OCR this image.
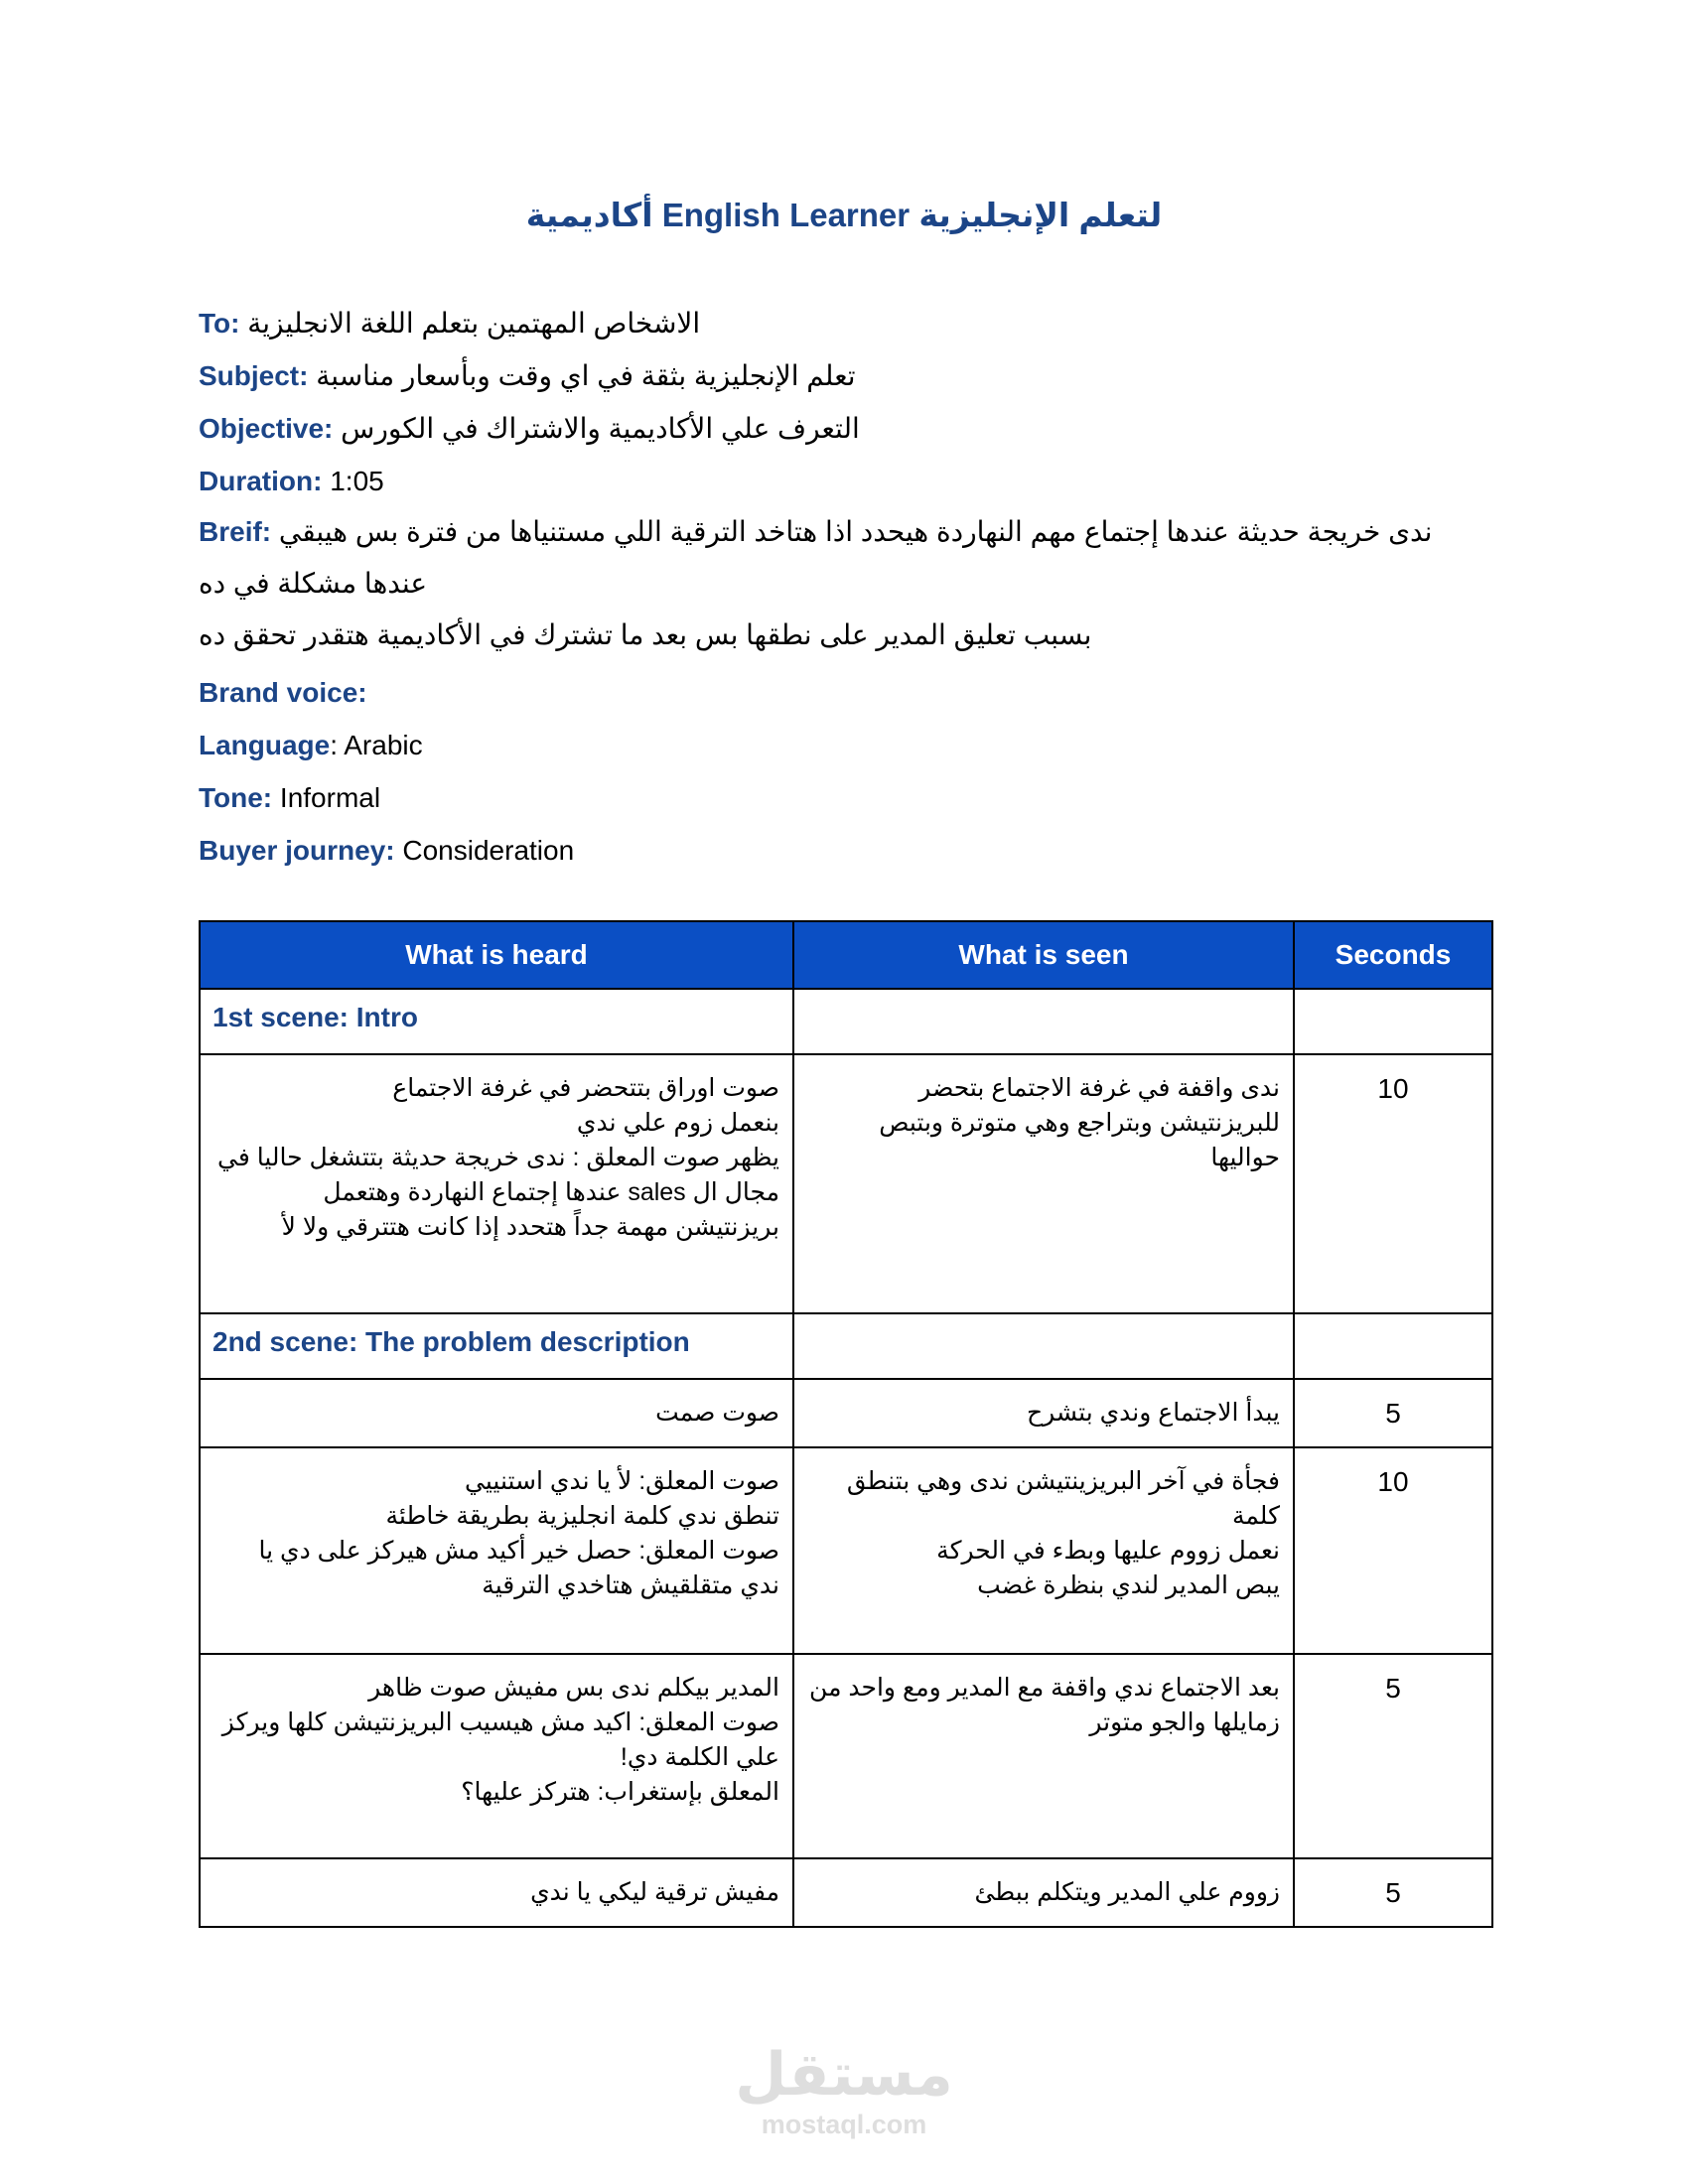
أكاديمية English Learner لتعلم الإنجليزية
To: الاشخاص المهتمين بتعلم اللغة الانجليزية
Subject: تعلم الإنجليزية بثقة في اي وقت وبأسعار مناسبة
Objective: التعرف علي الأكاديمية والاشتراك في الكورس
Duration: 1:05
Breif: ندى خريجة حديثة عندها إجتماع مهم النهاردة هيحدد اذا هتاخد الترقية اللي مستنياها من فترة بس هيبقي عندها مشكلة في ده
بسبب تعليق المدير على نطقها بس بعد ما تشترك في الأكاديمية هتقدر تحقق ده
Brand voice:
Language: Arabic
Tone: Informal
Buyer journey: Consideration
What is heard	What is seen	Seconds
1st scene: Intro		

صوت اوراق بتتحضر في غرفة الاجتماع
بنعمل زوم علي ندي
يظهر صوت المعلق : ندى خريجة حديثة بتتشغل حاليا في
مجال ال sales عندها إجتماع النهاردة وهتعمل
بريزنتيشن مهمة جداً هتحدد إذا كانت هتترقي ولا لأ	ندى واقفة في غرفة الاجتماع بتحضر
للبريزنتيشن وبتراجع وهي متوترة وبتبص
حواليها	10
2nd scene: The problem description		

صوت صمت	يبدأ الاجتماع وندي بتشرح	5

صوت المعلق: لأ يا ندي استنييي
تنطق ندي كلمة انجليزية بطريقة خاطئة
صوت المعلق: حصل خير أكيد مش هيركز على دي يا
ندي متقلقيش هتاخدي الترقية	فجأة في آخر البريزينتيشن ندى وهي بتنطق كلمة
نعمل زووم عليها وبطء في الحركة
يبص المدير لندي بنظرة غضب	10

المدير بيكلم ندى بس مفيش صوت ظاهر
صوت المعلق: اكيد مش هيسيب البريزنتيشن كلها ويركز
علي الكلمة دي!
المعلق بإستغراب: هتركز عليها؟	بعد الاجتماع ندي واقفة مع المدير ومع واحد من
زمايلها والجو متوتر	5

مفيش ترقية ليكي يا ندي	زووم علي المدير ويتكلم ببطئ	5
مستقل
mostaql.com
